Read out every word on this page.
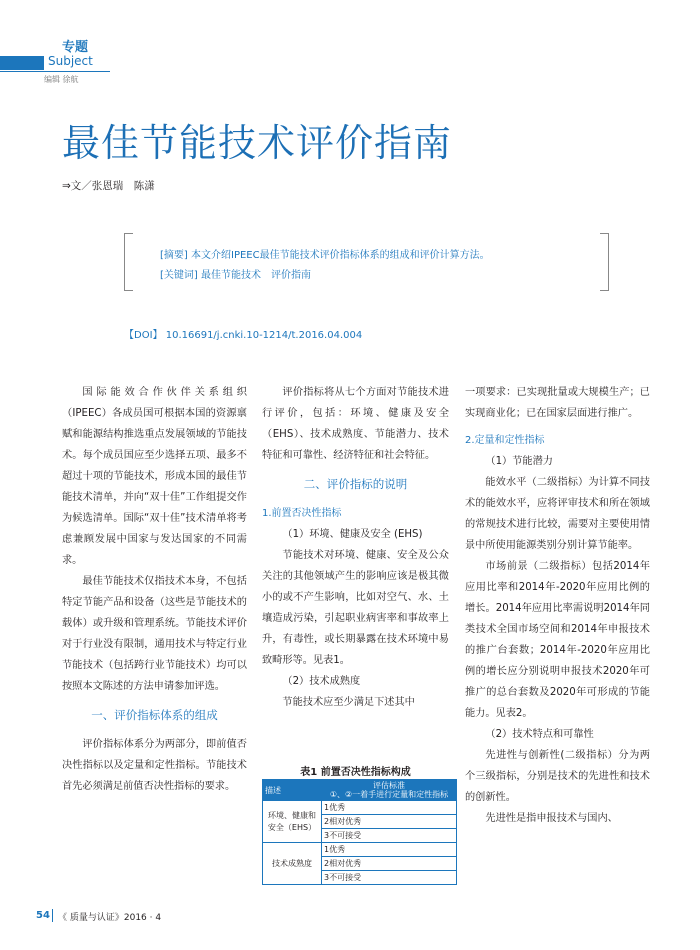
专题
Subject
编辑 徐航
最佳节能技术评价指南
⇒文／张恩瑞　陈潇
[摘要] 本文介绍IPEEC最佳节能技术评价指标体系的组成和评价计算方法。
[关键词] 最佳节能技术　评价指南
【DOI】 10.16691/j.cnki.10-1214/t.2016.04.004

国际能效合作伙伴关系组织（IPEEC）各成员国可根据本国的资源禀赋和能源结构推选重点发展领域的节能技术。每个成员国应至少选择五项、最多不超过十项的节能技术，形成本国的最佳节能技术清单，并向“双十佳”工作组提交作为候选清单。国际“双十佳”技术清单将考虑兼顾发展中国家与发达国家的不同需求。

最佳节能技术仅指技术本身，不包括特定节能产品和设备（这些是节能技术的载体）或升级和管理系统。节能技术评价对于行业没有限制，通用技术与特定行业节能技术（包括跨行业节能技术）均可以按照本文陈述的方法申请参加评选。

一、评价指标体系的组成

评价指标体系分为两部分，即前值否决性指标以及定量和定性指标。节能技术首先必须满足前值否决性指标的要求。

评价指标将从七个方面对节能技术进行评价，包括：环境、健康及安全（EHS）、技术成熟度、节能潜力、技术特征和可靠性、经济特征和社会特征。

二、评价指标的说明
1.前置否决性指标
（1）环境、健康及安全 (EHS)

节能技术对环境、健康、安全及公众关注的其他领域产生的影响应该是极其微小的或不产生影响，比如对空气、水、土壤造成污染，引起职业病害率和事故率上升，有毒性，或长期暴露在技术环境中易致畸形等。见表1。

（2）技术成熟度

节能技术应至少满足下述其中

表1 前置否决性指标构成
描述	评估标准
①、②一着手进行定量和定性指标

环境、健康和安全（EHS）	1优秀
	2相对优秀
	3不可接受
技术成熟度	1优秀
	2相对优秀
	3不可接受

一项要求：已实现批量或大规模生产；已实现商业化；已在国家层面进行推广。

2.定量和定性指标
（1）节能潜力

能效水平（二级指标）为计算不同技术的能效水平，应将评审技术和所在领域的常规技术进行比较，需要对主要使用情景中所使用能源类别分别计算节能率。

市场前景（二级指标）包括2014年应用比率和2014年-2020年应用比例的增长。2014年应用比率需说明2014年同类技术全国市场空间和2014年申报技术的推广台套数；2014年-2020年应用比例的增长应分别说明申报技术2020年可推广的总台套数及2020年可形成的节能能力。见表2。

（2）技术特点和可靠性

先进性与创新性(二级指标）分为两个三级指标，分别是技术的先进性和技术的创新性。

先进性是指申报技术与国内、

54 《 质量与认证》2016 · 4
